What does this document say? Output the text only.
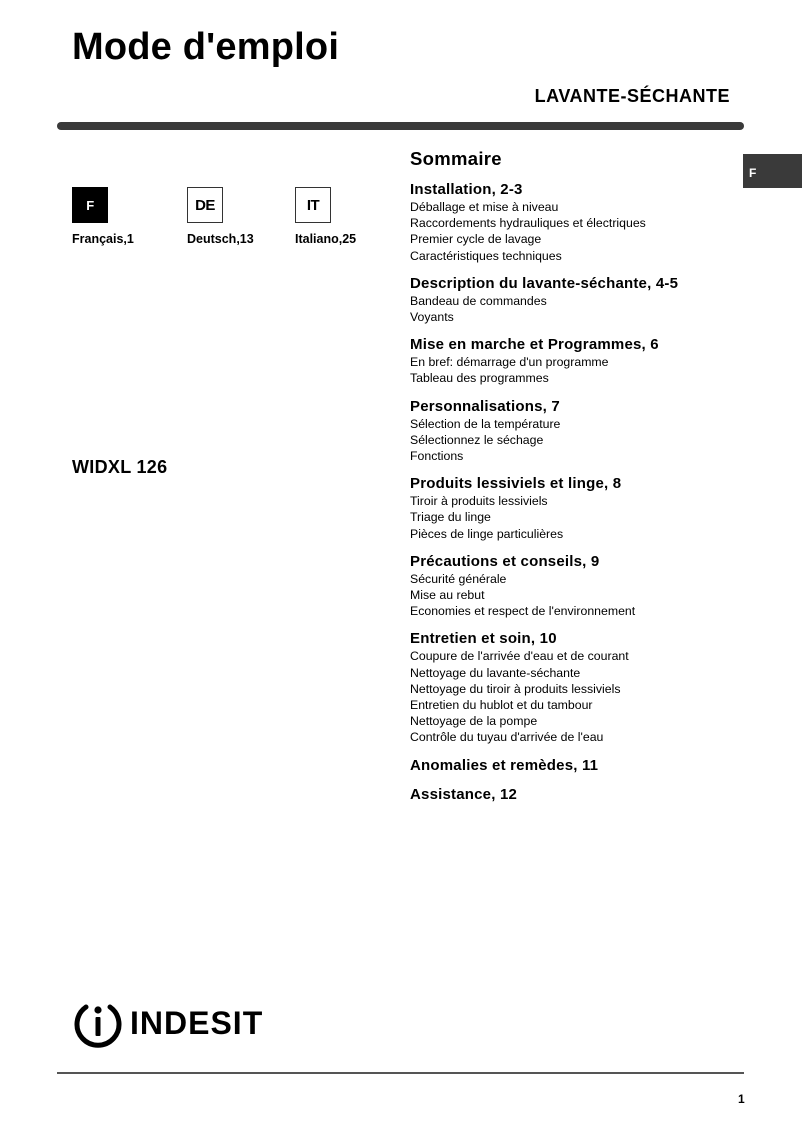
Mode d'emploi
LAVANTE-SÉCHANTE
F
F
Français,1
DE
Deutsch,13
IT
Italiano,25
WIDXL 126
Sommaire
Installation, 2-3
Déballage et mise à niveau
Raccordements hydrauliques et électriques
Premier cycle de lavage
Caractéristiques techniques
Description du lavante-séchante, 4-5
Bandeau de commandes
Voyants
Mise en marche et Programmes, 6
En bref: démarrage d'un programme
Tableau des programmes
Personnalisations, 7
Sélection de la température
Sélectionnez le séchage
Fonctions
Produits lessiviels et linge, 8
Tiroir à produits lessiviels
Triage du linge
Pièces de linge particulières
Précautions et conseils, 9
Sécurité générale
Mise au rebut
Economies et respect de l'environnement
Entretien et soin, 10
Coupure de l'arrivée d'eau et de courant
Nettoyage du lavante-séchante
Nettoyage du tiroir à produits lessiviels
Entretien du hublot et du tambour
Nettoyage de la pompe
Contrôle du tuyau d'arrivée de l'eau
Anomalies et remèdes, 11
Assistance, 12
INDESIT
1
